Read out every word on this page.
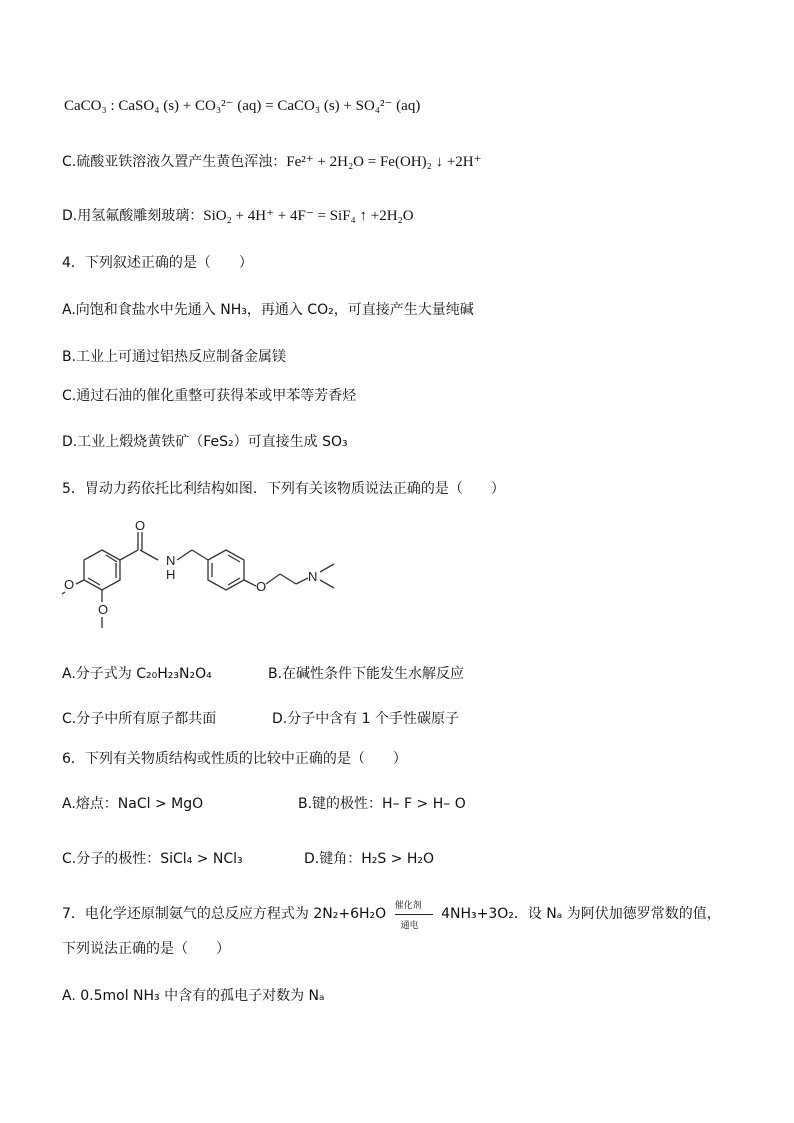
CaCO₃ : CaSO₄ (s) + CO₃²⁻ (aq) = CaCO₃ (s) + SO₄²⁻ (aq)
C.硫酸亚铁溶液久置产生黄色浑浊：Fe²⁺ + 2H₂O = Fe(OH)₂ ↓ +2H⁺
D.用氢氟酸雕刻玻璃：SiO₂ + 4H⁺ + 4F⁻ = SiF₄ ↑ +2H₂O
4．下列叙述正确的是（　　）
A.向饱和食盐水中先通入 NH₃，再通入 CO₂，可直接产生大量纯碱
B.工业上可通过铝热反应制备金属镁
C.通过石油的催化重整可获得苯或甲苯等芳香烃
D.工业上煅烧黄铁矿（FeS₂）可直接生成 SO₃
5．胃动力药依托比利结构如图．下列有关该物质说法正确的是（　　）
O
N
H
O
N
O
O
A.分子式为 C₂₀H₂₃N₂O₄	B.在碱性条件下能发生水解反应
C.分子中所有原子都共面	D.分子中含有 1 个手性碳原子
6．下列有关物质结构或性质的比较中正确的是（　　）
A.熔点：NaCl > MgO	B.键的极性：H– F > H– O
C.分子的极性：SiCl₄ > NCl₃	D.键角：H₂S > H₂O
7．电化学还原制氨气的总反应方程式为 2N₂+6H₂O 催化剂
通电
4NH₃+3O₂．设 Nₐ 为阿伏加德罗常数的值，
下列说法正确的是（　　）
A. 0.5mol NH₃ 中含有的孤电子对数为 Nₐ
